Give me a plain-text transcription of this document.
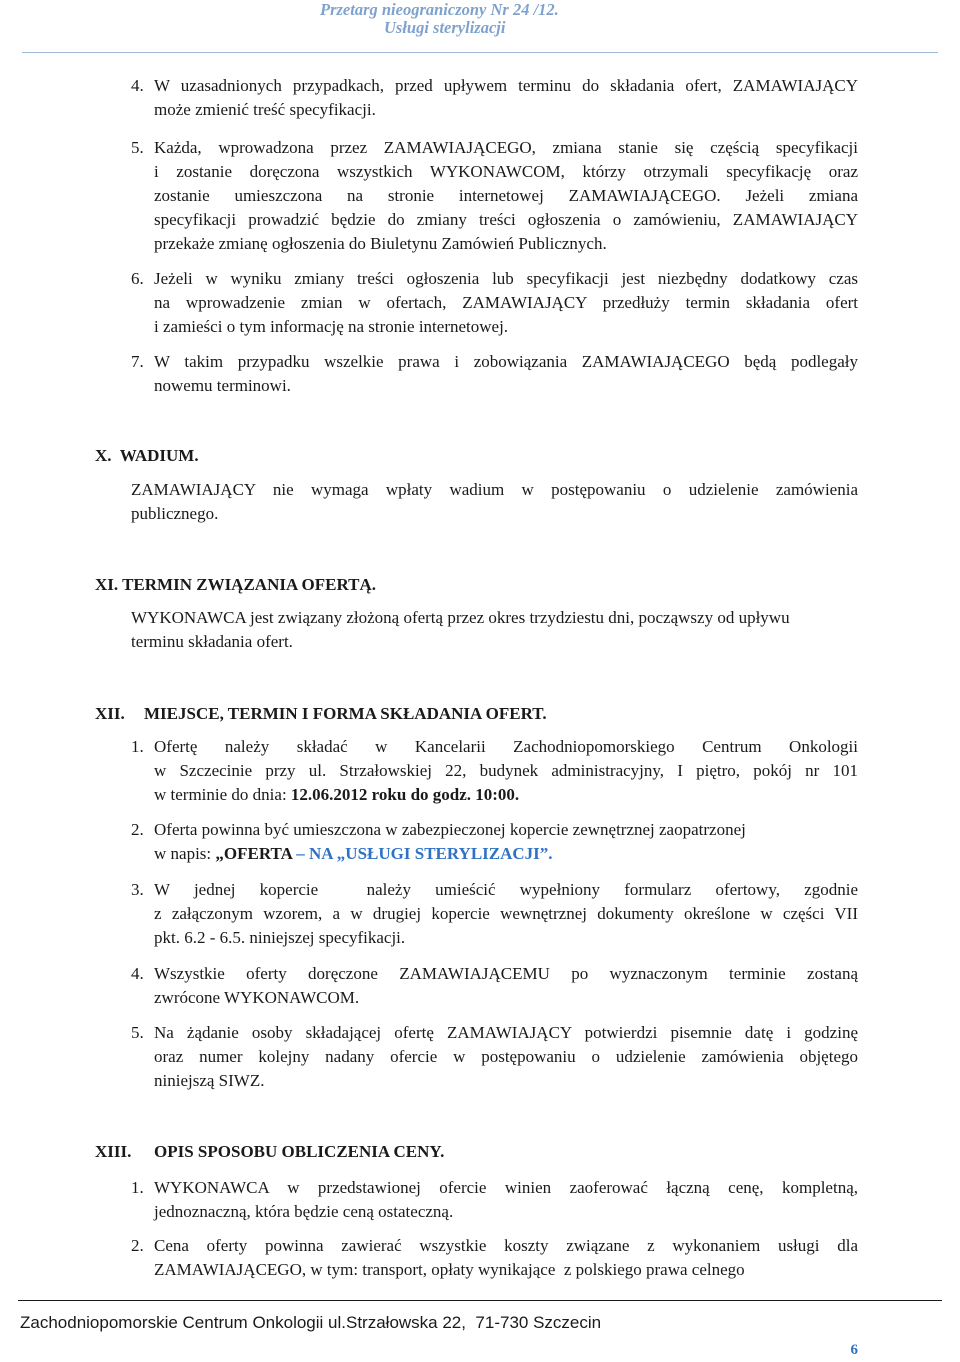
Przetarg nieograniczony Nr 24 /12.
Usługi sterylizacji
4. W uzasadnionych przypadkach, przed upływem terminu do składania ofert, ZAMAWIAJĄCY
może zmienić treść specyfikacji.
5. Każda, wprowadzona przez ZAMAWIAJĄCEGO, zmiana stanie się częścią specyfikacji
i zostanie doręczona wszystkich WYKONAWCOM, którzy otrzymali specyfikację oraz
zostanie umieszczona na stronie internetowej ZAMAWIAJĄCEGO. Jeżeli zmiana
specyfikacji prowadzić będzie do zmiany treści ogłoszenia o zamówieniu, ZAMAWIAJĄCY
przekaże zmianę ogłoszenia do Biuletynu Zamówień Publicznych.
6. Jeżeli w wyniku zmiany treści ogłoszenia lub specyfikacji jest niezbędny dodatkowy czas
na wprowadzenie zmian w ofertach, ZAMAWIAJĄCY przedłuży termin składania ofert
i zamieści o tym informację na stronie internetowej.
7. W takim przypadku wszelkie prawa i zobowiązania ZAMAWIAJĄCEGO będą podlegały
nowemu terminowi.
X.  WADIUM.
ZAMAWIAJĄCY nie wymaga wpłaty wadium w postępowaniu o udzielenie zamówienia
publicznego.
XI. TERMIN ZWIĄZANIA OFERTĄ.
WYKONAWCA jest związany złożoną ofertą przez okres trzydziestu dni, począwszy od upływu
terminu składania ofert.
XII. MIEJSCE, TERMIN I FORMA SKŁADANIA OFERT.
1. Ofertę należy składać w Kancelarii Zachodniopomorskiego Centrum Onkologii
w Szczecinie przy ul. Strzałowskiej 22, budynek administracyjny, I piętro, pokój nr 101
w terminie do dnia: 12.06.2012 roku do godz. 10:00.
2. Oferta powinna być umieszczona w zabezpieczonej kopercie zewnętrznej zaopatrzonej
w napis: „OFERTA – NA „USŁUGI STERYLIZACJI”.
3. W jednej kopercie  należy umieścić wypełniony formularz ofertowy, zgodnie
z załączonym wzorem, a w drugiej kopercie wewnętrznej dokumenty określone w części VII
pkt. 6.2 - 6.5. niniejszej specyfikacji.
4. Wszystkie oferty doręczone ZAMAWIAJĄCEMU po wyznaczonym terminie zostaną
zwrócone WYKONAWCOM.
5. Na żądanie osoby składającej ofertę ZAMAWIAJĄCY potwierdzi pisemnie datę i godzinę
oraz numer kolejny nadany ofercie w postępowaniu o udzielenie zamówienia objętego
niniejszą SIWZ.
XIII. OPIS SPOSOBU OBLICZENIA CENY.
1. WYKONAWCA w przedstawionej ofercie winien zaoferować łączną cenę, kompletną,
jednoznaczną, która będzie ceną ostateczną.
2. Cena oferty powinna zawierać wszystkie koszty związane z wykonaniem usługi dla
ZAMAWIAJĄCEGO, w tym: transport, opłaty wynikające  z polskiego prawa celnego
Zachodniopomorskie Centrum Onkologii ul.Strzałowska 22,  71-730 Szczecin
6
